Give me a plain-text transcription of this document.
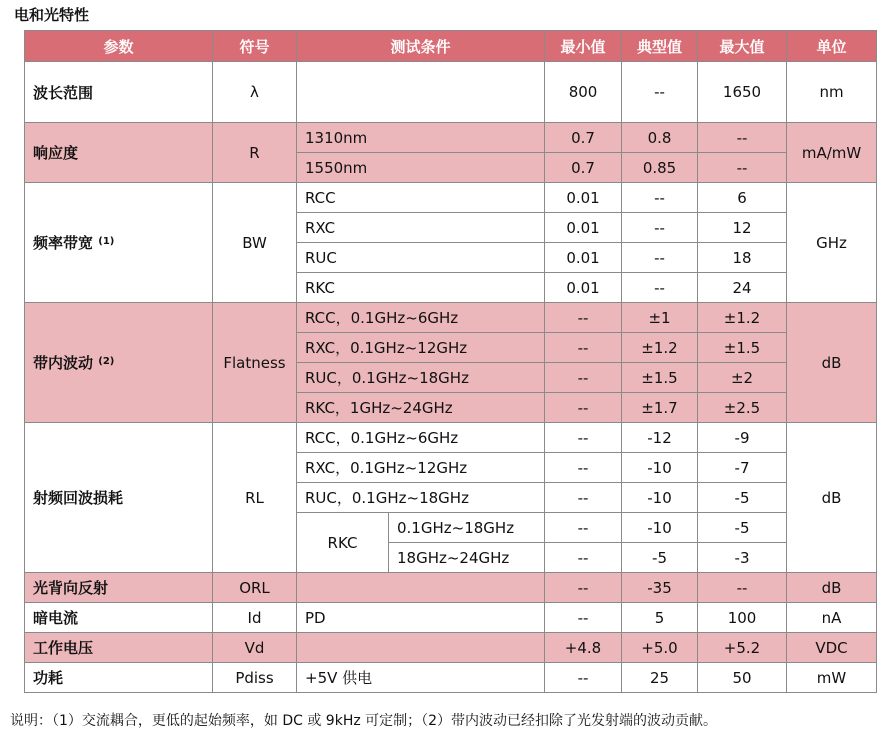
电和光特性
参数	符号	测试条件		最小值	典型值	最大值	单位
波长范围	λ			800	--	1650	nm
响应度	R	1310nm		0.7	0.8	--	mA/mW
		1550nm		0.7	0.85	--	
频率带宽 $^{(1)}$	BW	RCC		0.01	--	6	GHz
		RXC		0.01	--	12	
		RUC		0.01	--	18	
		RKC		0.01	--	24	
带内波动 $^{(2)}$	Flatness	RCC，0.1GHz~6GHz		--	±1	±1.2	dB
		RXC，0.1GHz~12GHz		--	±1.2	±1.5	
		RUC，0.1GHz~18GHz		--	±1.5	±2	
		RKC，1GHz~24GHz		--	±1.7	±2.5	
射频回波损耗	RL	RCC，0.1GHz~6GHz		--	-12	-9	dB
		RXC，0.1GHz~12GHz		--	-10	-7	
		RUC，0.1GHz~18GHz		--	-10	-5	
		RKC	0.1GHz~18GHz	--	-10	-5	
			18GHz~24GHz	--	-5	-3	
光背向反射	ORL			--	-35	--	dB
暗电流	Id	PD		--	5	100	nA
工作电压	Vd			+4.8	+5.0	+5.2	VDC
功耗	Pdiss	+5V 供电		--	25	50	mW
说明：（1）交流耦合，更低的起始频率，如 DC 或 9kHz 可定制；（2）带内波动已经扣除了光发射端的波动贡献。
